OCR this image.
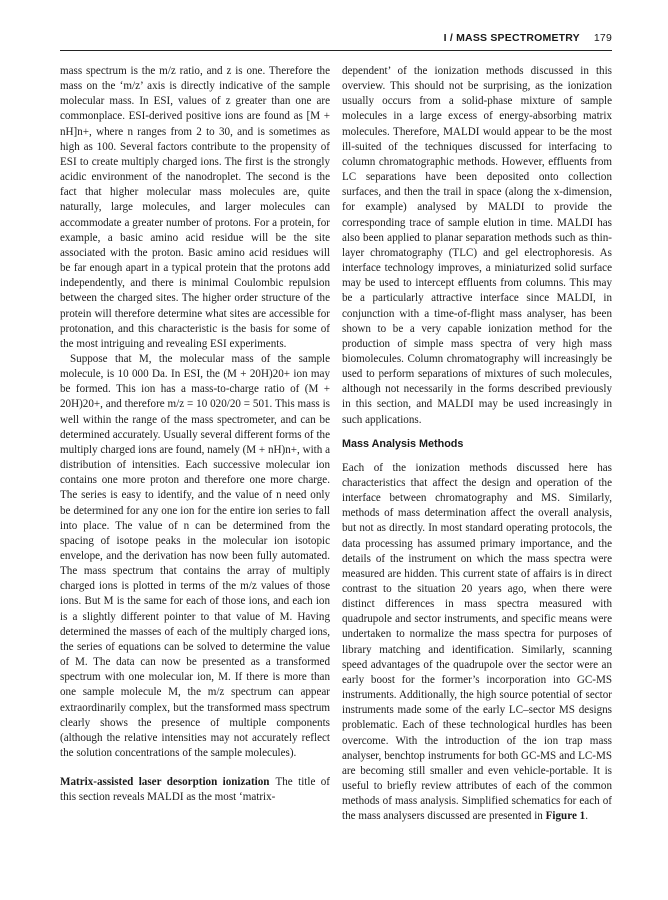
I / MASS SPECTROMETRY 179

mass spectrum is the m/z ratio, and z is one. Therefore the mass on the ‘m/z’ axis is directly indicative of the sample molecular mass. In ESI, values of z greater than one are commonplace. ESI-derived positive ions are found as [M + nH]n+, where n ranges from 2 to 30, and is sometimes as high as 100. Several factors contribute to the propensity of ESI to create multiply charged ions. The first is the strongly acidic environment of the nanodroplet. The second is the fact that higher molecular mass molecules are, quite naturally, large molecules, and larger molecules can accommodate a greater number of protons. For a protein, for example, a basic amino acid residue will be the site associated with the proton. Basic amino acid residues will be far enough apart in a typical protein that the protons add independently, and there is minimal Coulombic repulsion between the charged sites. The higher order structure of the protein will therefore determine what sites are accessible for protonation, and this characteristic is the basis for some of the most intriguing and revealing ESI experiments.

Suppose that M, the molecular mass of the sample molecule, is 10 000 Da. In ESI, the (M + 20H)20+ ion may be formed. This ion has a mass-to-charge ratio of (M + 20H)20+, and therefore m/z = 10 020/20 = 501. This mass is well within the range of the mass spectrometer, and can be determined accurately. Usually several different forms of the multiply charged ions are found, namely (M + nH)n+, with a distribution of intensities. Each successive molecular ion contains one more proton and therefore one more charge. The series is easy to identify, and the value of n need only be determined for any one ion for the entire ion series to fall into place. The value of n can be determined from the spacing of isotope peaks in the molecular ion isotopic envelope, and the derivation has now been fully automated. The mass spectrum that contains the array of multiply charged ions is plotted in terms of the m/z values of those ions. But M is the same for each of those ions, and each ion is a slightly different pointer to that value of M. Having determined the masses of each of the multiply charged ions, the series of equations can be solved to determine the value of M. The data can now be presented as a transformed spectrum with one molecular ion, M. If there is more than one sample molecule M, the m/z spectrum can appear extraordinarily complex, but the transformed mass spectrum clearly shows the presence of multiple components (although the relative intensities may not accurately reflect the solution concentrations of the sample molecules).

Matrix-assisted laser desorption ionization The title of this section reveals MALDI as the most ‘matrix-

dependent’ of the ionization methods discussed in this overview. This should not be surprising, as the ionization usually occurs from a solid-phase mixture of sample molecules in a large excess of energy-absorbing matrix molecules. Therefore, MALDI would appear to be the most ill-suited of the techniques discussed for interfacing to column chromatographic methods. However, effluents from LC separations have been deposited onto collection surfaces, and then the trail in space (along the x-dimension, for example) analysed by MALDI to provide the corresponding trace of sample elution in time. MALDI has also been applied to planar separation methods such as thin-layer chromatography (TLC) and gel electrophoresis. As interface technology improves, a miniaturized solid surface may be used to intercept effluents from columns. This may be a particularly attractive interface since MALDI, in conjunction with a time-of-flight mass analyser, has been shown to be a very capable ionization method for the production of simple mass spectra of very high mass biomolecules. Column chromatography will increasingly be used to perform separations of mixtures of such molecules, although not necessarily in the forms described previously in this section, and MALDI may be used increasingly in such applications.

Mass Analysis Methods

Each of the ionization methods discussed here has characteristics that affect the design and operation of the interface between chromatography and MS. Similarly, methods of mass determination affect the overall analysis, but not as directly. In most standard operating protocols, the data processing has assumed primary importance, and the details of the instrument on which the mass spectra were measured are hidden. This current state of affairs is in direct contrast to the situation 20 years ago, when there were distinct differences in mass spectra measured with quadrupole and sector instruments, and specific means were undertaken to normalize the mass spectra for purposes of library matching and identification. Similarly, scanning speed advantages of the quadrupole over the sector were an early boost for the former’s incorporation into GC-MS instruments. Additionally, the high source potential of sector instruments made some of the early LC–sector MS designs problematic. Each of these technological hurdles has been overcome. With the introduction of the ion trap mass analyser, benchtop instruments for both GC-MS and LC-MS are becoming still smaller and even vehicle-portable. It is useful to briefly review attributes of each of the common methods of mass analysis. Simplified schematics for each of the mass analysers discussed are presented in Figure 1.
